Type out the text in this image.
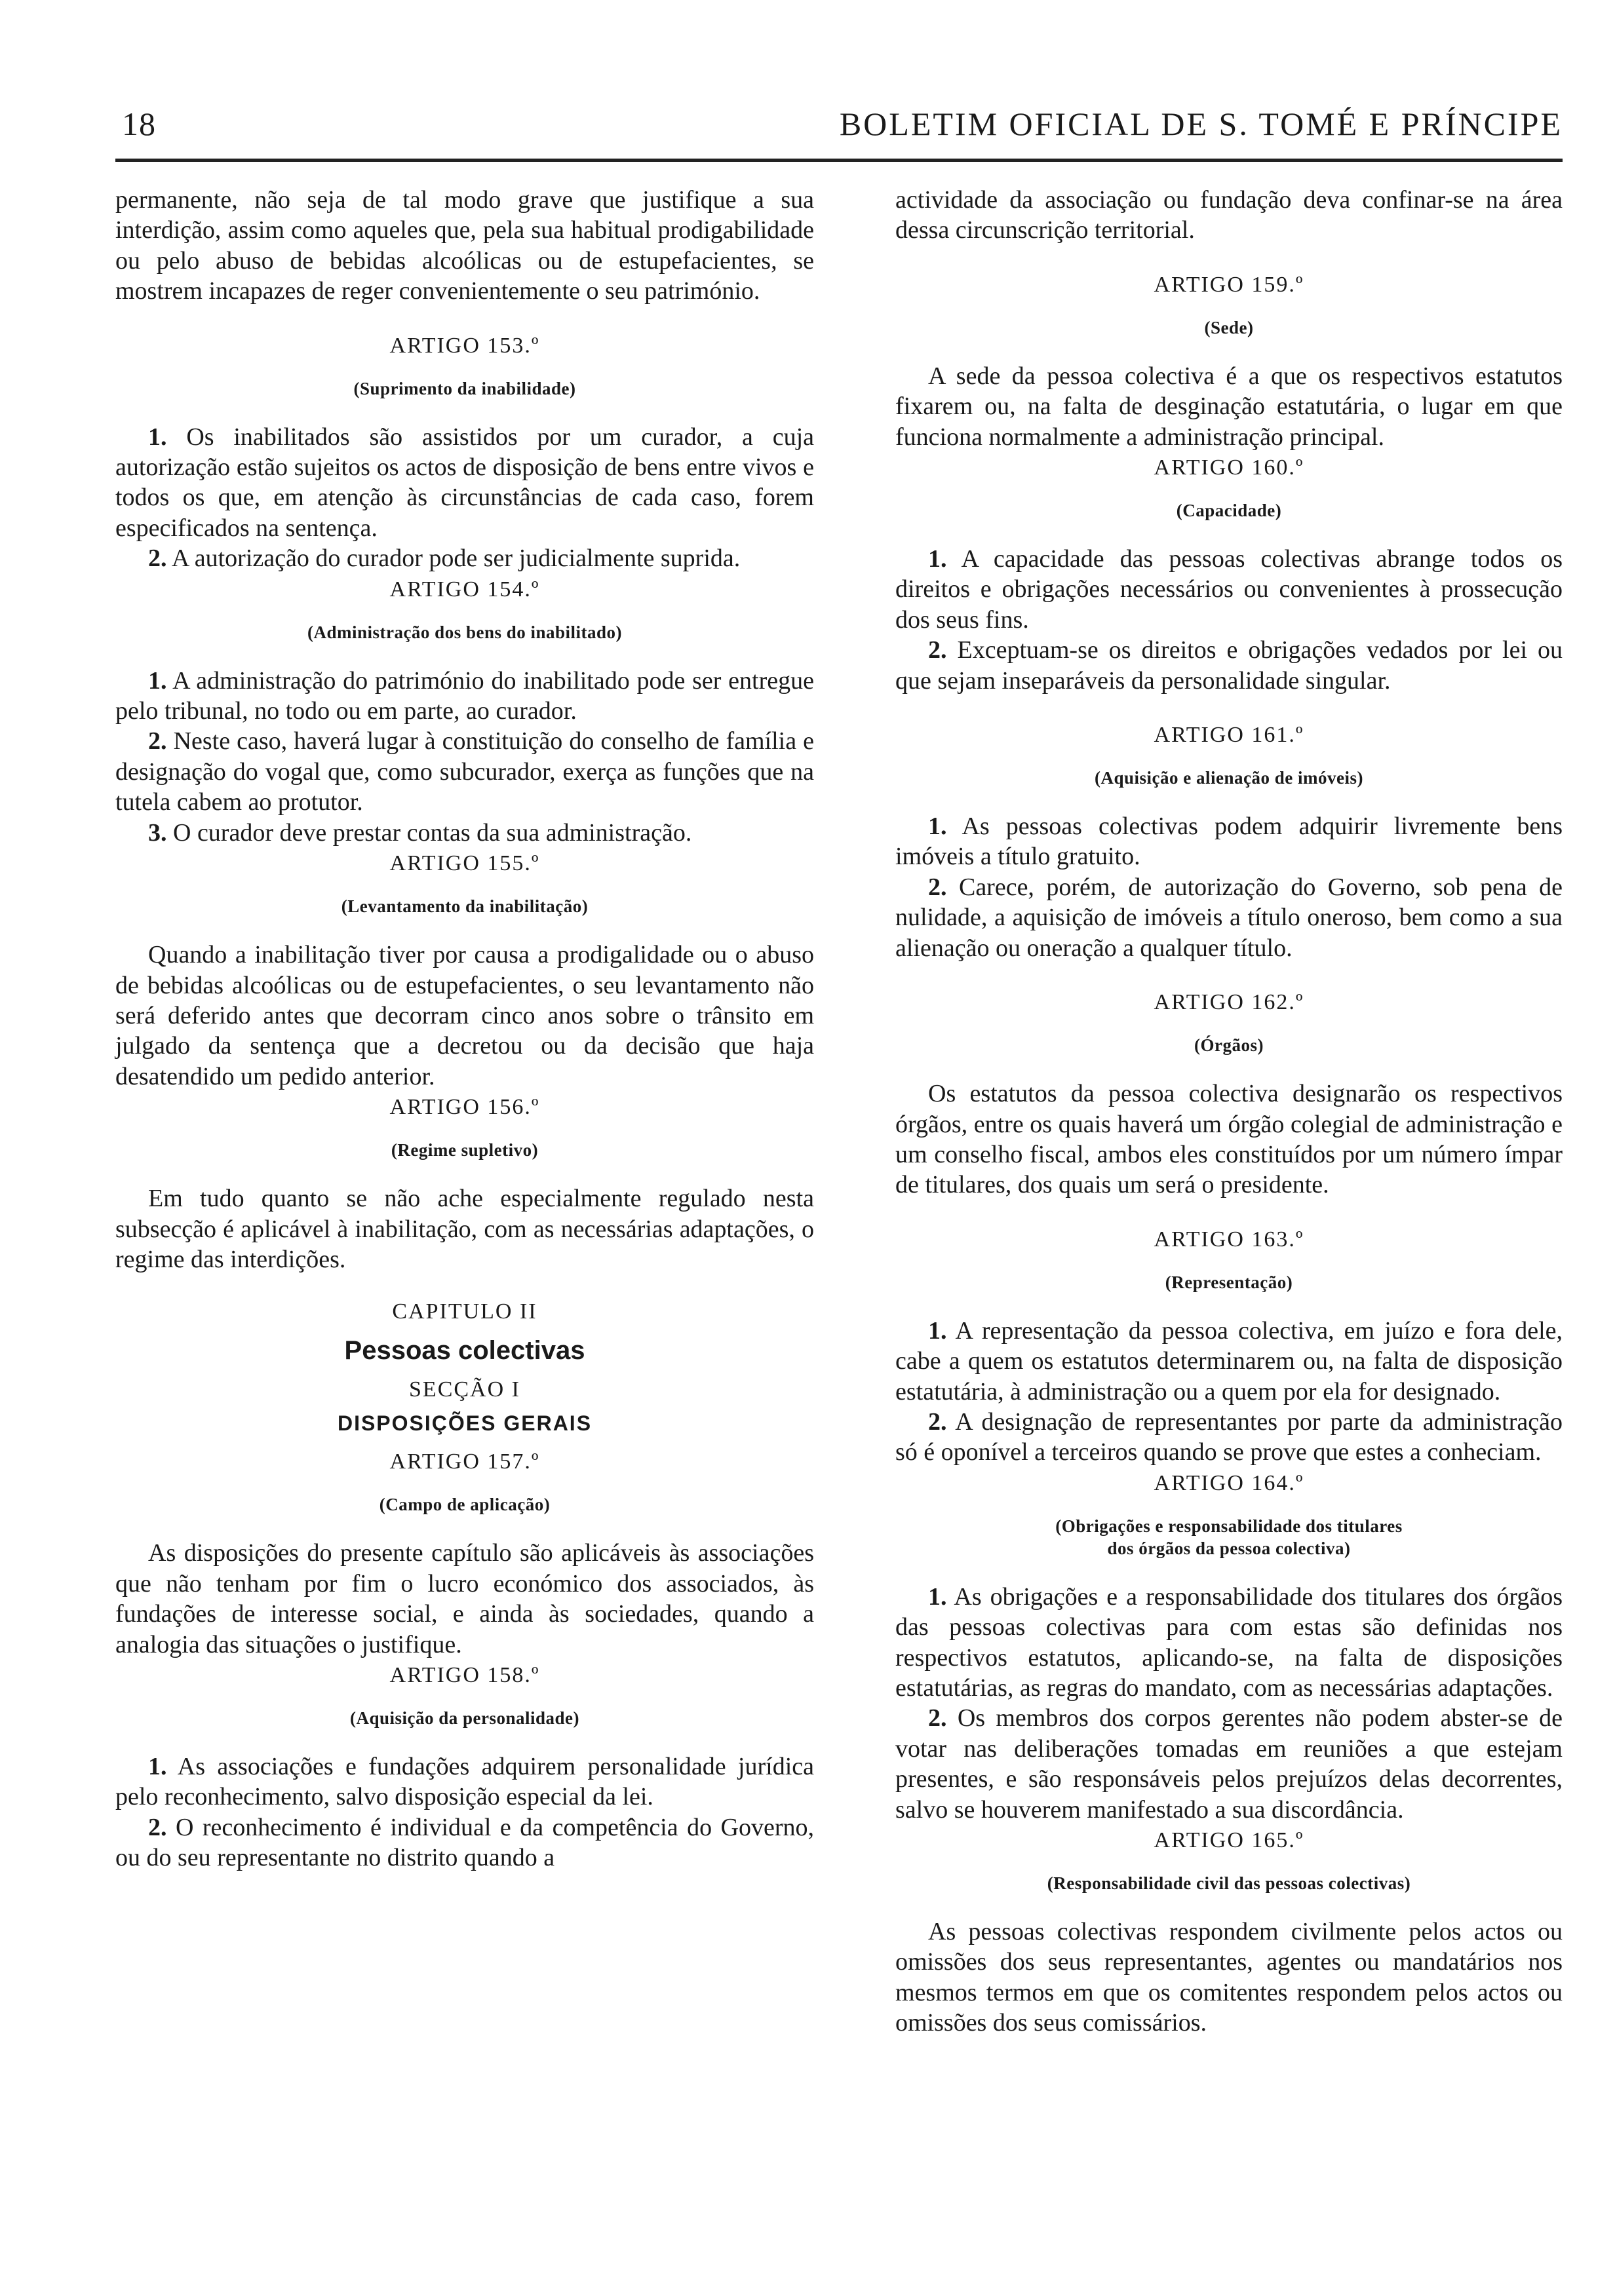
18	BOLETIM OFICIAL DE S. TOMÉ E PRÍNCIPE

permanente, não seja de tal modo grave que justifique a sua interdição, assim como aqueles que, pela sua habitual prodigabilidade ou pelo abuso de bebidas alcoólicas ou de estupefacientes, se mostrem incapazes de reger convenientemente o seu património.

ARTIGO 153.º
(Suprimento da inabilidade)

1. Os inabilitados são assistidos por um curador, a cuja autorização estão sujeitos os actos de disposição de bens entre vivos e todos os que, em atenção às circunstâncias de cada caso, forem especificados na sentença.

2. A autorização do curador pode ser judicialmente suprida.

ARTIGO 154.º
(Administração dos bens do inabilitado)

1. A administração do património do inabilitado pode ser entregue pelo tribunal, no todo ou em parte, ao curador.

2. Neste caso, haverá lugar à constituição do conselho de família e designação do vogal que, como subcurador, exerça as funções que na tutela cabem ao protutor.

3. O curador deve prestar contas da sua administração.

ARTIGO 155.º
(Levantamento da inabilitação)

Quando a inabilitação tiver por causa a prodigalidade ou o abuso de bebidas alcoólicas ou de estupefacientes, o seu levantamento não será deferido antes que decorram cinco anos sobre o trânsito em julgado da sentença que a decretou ou da decisão que haja desatendido um pedido anterior.

ARTIGO 156.º
(Regime supletivo)

Em tudo quanto se não ache especialmente regulado nesta subsecção é aplicável à inabilitação, com as necessárias adaptações, o regime das interdições.

CAPITULO II
Pessoas colectivas
SECÇÃO I
DISPOSIÇÕES GERAIS
ARTIGO 157.º
(Campo de aplicação)

As disposições do presente capítulo são aplicáveis às associações que não tenham por fim o lucro económico dos associados, às fundações de interesse social, e ainda às sociedades, quando a analogia das situações o justifique.

ARTIGO 158.º
(Aquisição da personalidade)

1. As associações e fundações adquirem personalidade jurídica pelo reconhecimento, salvo disposição especial da lei.

2. O reconhecimento é individual e da competência do Governo, ou do seu representante no distrito quando a

actividade da associação ou fundação deva confinar-se na área dessa circunscrição territorial.

ARTIGO 159.º
(Sede)

A sede da pessoa colectiva é a que os respectivos estatutos fixarem ou, na falta de desginação estatutária, o lugar em que funciona normalmente a administração principal.

ARTIGO 160.º
(Capacidade)

1. A capacidade das pessoas colectivas abrange todos os direitos e obrigações necessários ou convenientes à prossecução dos seus fins.

2. Exceptuam-se os direitos e obrigações vedados por lei ou que sejam inseparáveis da personalidade singular.

ARTIGO 161.º
(Aquisição e alienação de imóveis)

1. As pessoas colectivas podem adquirir livremente bens imóveis a título gratuito.

2. Carece, porém, de autorização do Governo, sob pena de nulidade, a aquisição de imóveis a título oneroso, bem como a sua alienação ou oneração a qualquer título.

ARTIGO 162.º
(Órgãos)

Os estatutos da pessoa colectiva designarão os respectivos órgãos, entre os quais haverá um órgão colegial de administração e um conselho fiscal, ambos eles constituídos por um número ímpar de titulares, dos quais um será o presidente.

ARTIGO 163.º
(Representação)

1. A representação da pessoa colectiva, em juízo e fora dele, cabe a quem os estatutos determinarem ou, na falta de disposição estatutária, à administração ou a quem por ela for designado.

2. A designação de representantes por parte da administração só é oponível a terceiros quando se prove que estes a conheciam.

ARTIGO 164.º
(Obrigações e responsabilidade dos titulares
dos órgãos da pessoa colectiva)

1. As obrigações e a responsabilidade dos titulares dos órgãos das pessoas colectivas para com estas são definidas nos respectivos estatutos, aplicando-se, na falta de disposições estatutárias, as regras do mandato, com as necessárias adaptações.

2. Os membros dos corpos gerentes não podem abster-se de votar nas deliberações tomadas em reuniões a que estejam presentes, e são responsáveis pelos prejuízos delas decorrentes, salvo se houverem manifestado a sua discordância.

ARTIGO 165.º
(Responsabilidade civil das pessoas colectivas)

As pessoas colectivas respondem civilmente pelos actos ou omissões dos seus representantes, agentes ou mandatários nos mesmos termos em que os comitentes respondem pelos actos ou omissões dos seus comissários.
